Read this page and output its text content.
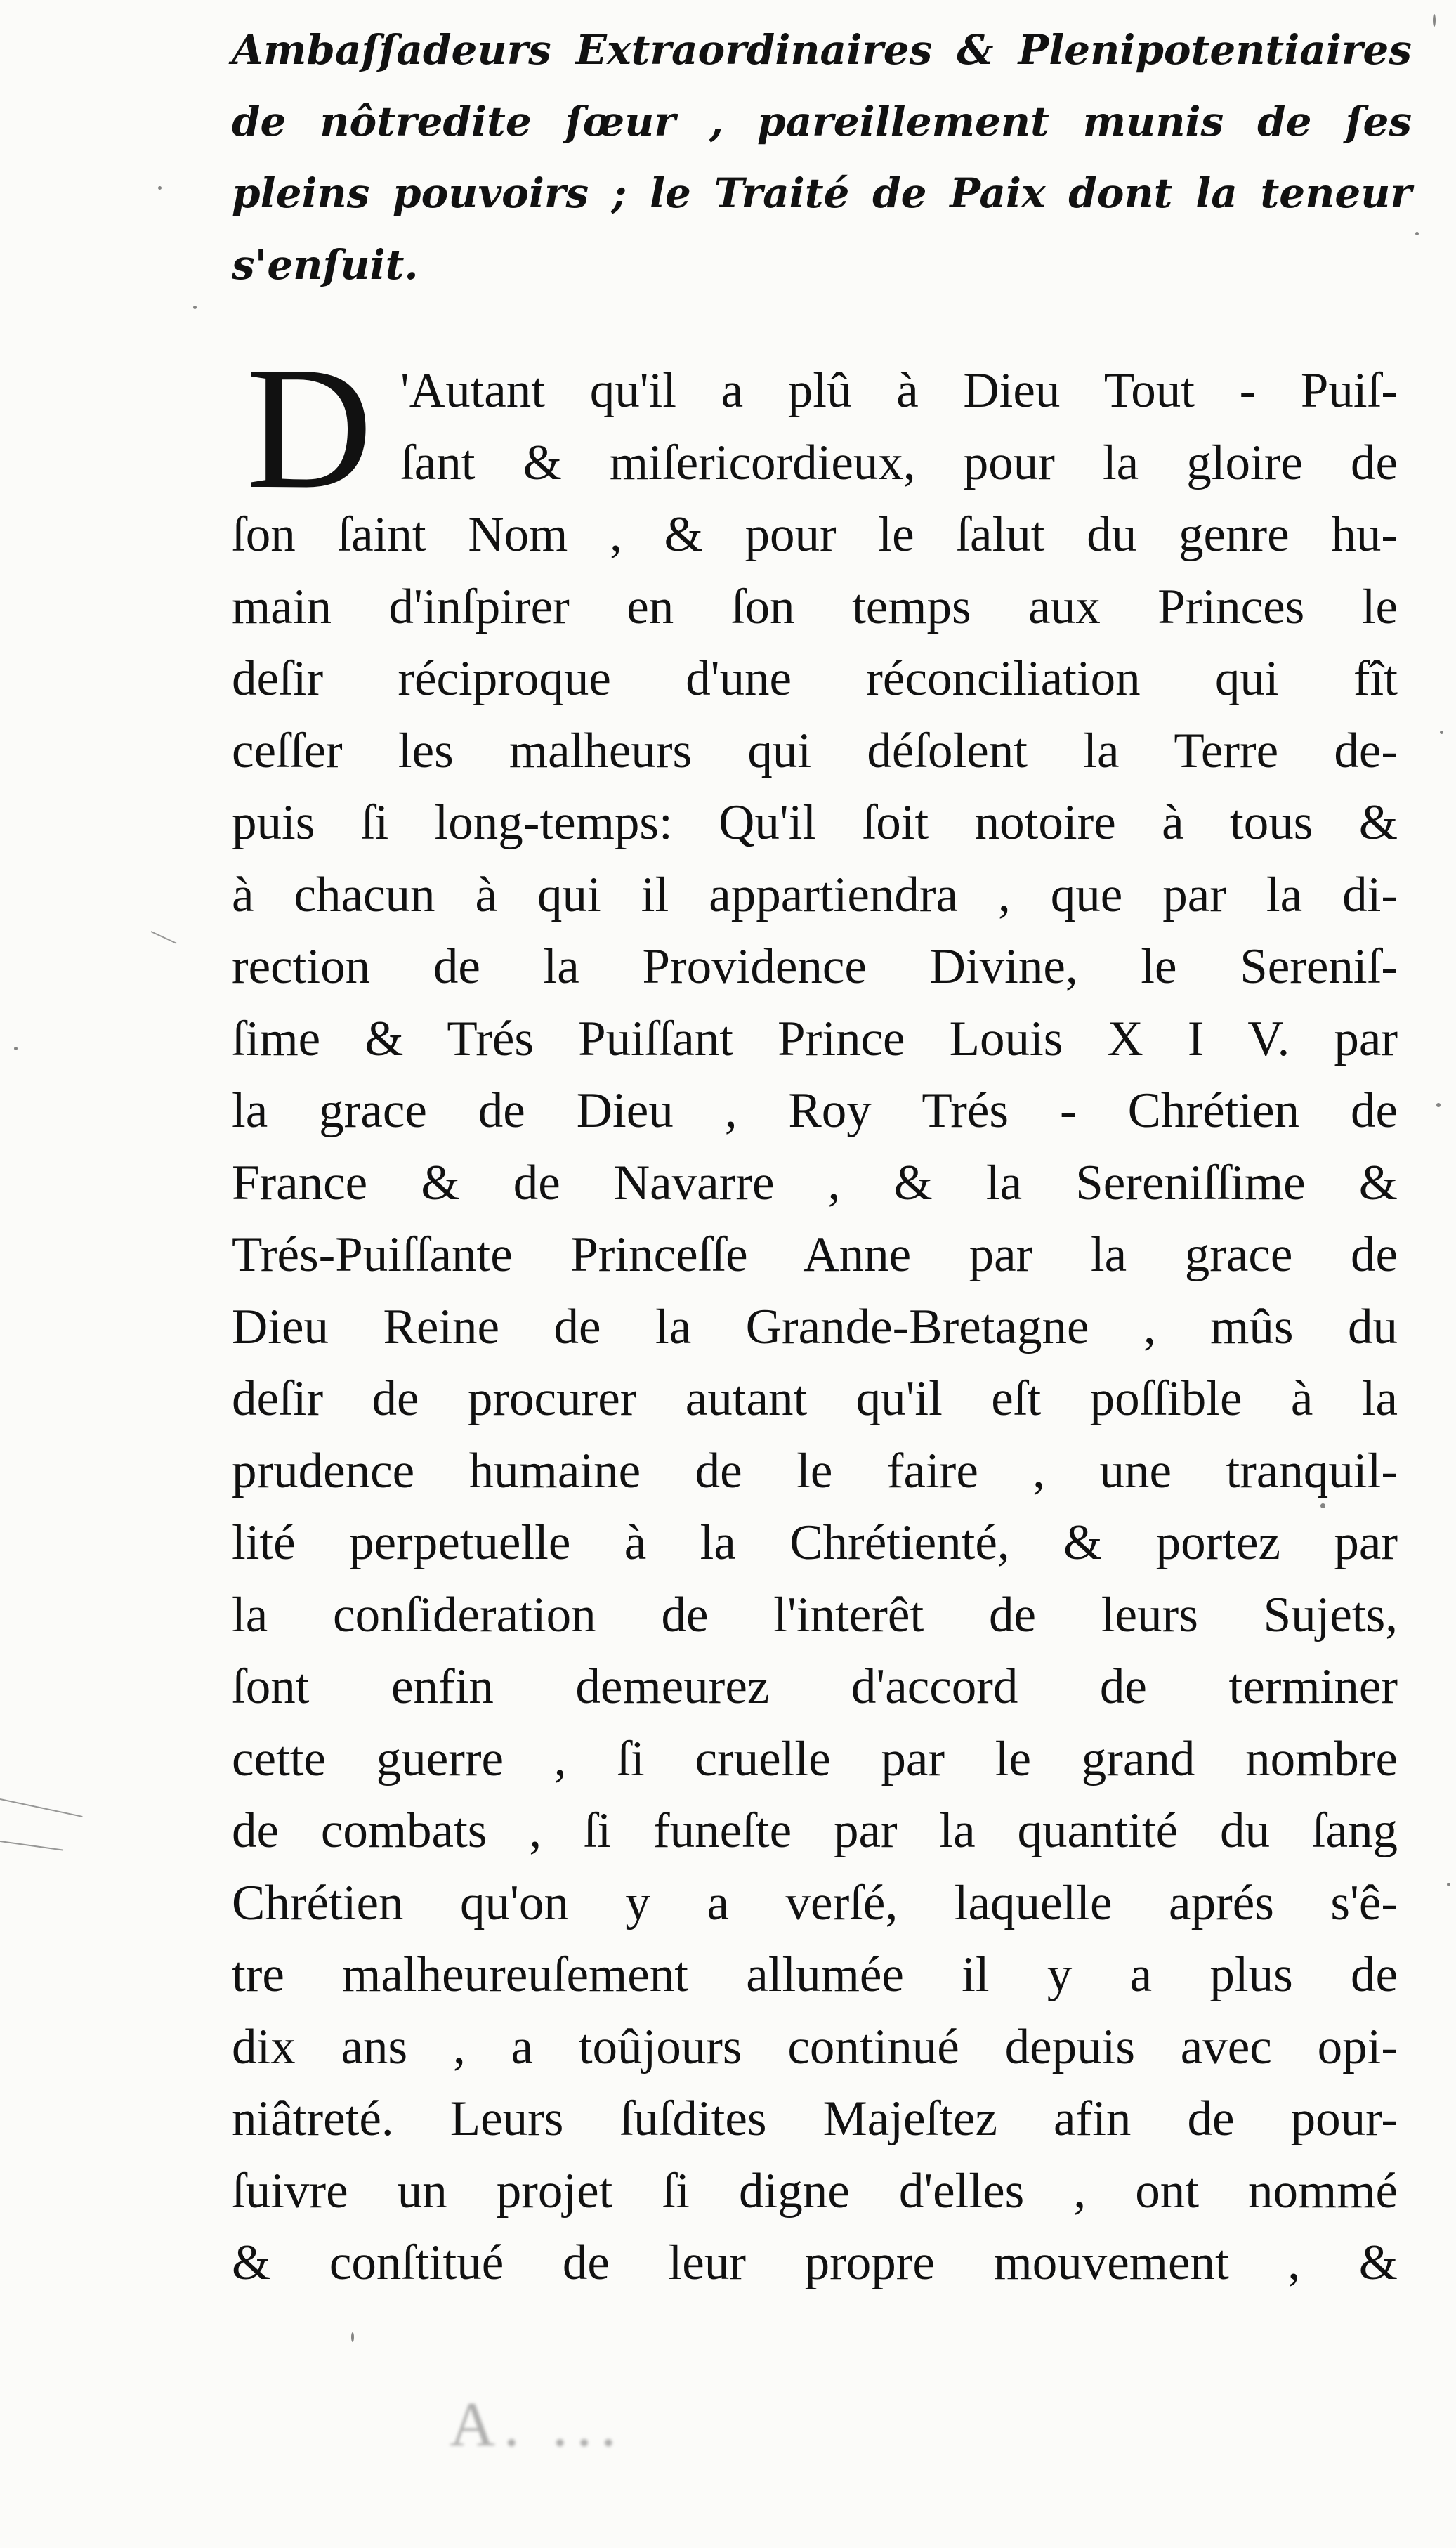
Ambaſſadeurs Extraordinaires & Plenipotentiaires
de nôtredite ſœur , pareillement munis de ſes
pleins pouvoirs ; le Traité de Paix dont la teneur
s'enſuit.
D 'Autant qu'il a plû à Dieu Tout - Puiſ-
ſant & miſericordieux, pour la gloire de
ſon ſaint Nom , & pour le ſalut du genre hu-
main d'inſpirer en ſon temps aux Princes le
deſir réciproque d'une réconciliation qui fît
ceſſer les malheurs qui déſolent la Terre de-
puis ſi long-temps: Qu'il ſoit notoire à tous &
à chacun à qui il appartiendra , que par la di-
rection de la Providence Divine, le Sereniſ-
ſime & Trés Puiſſant Prince Louis X I V. par
la grace de Dieu , Roy Trés - Chrétien de
France & de Navarre , & la Sereniſſime &
Trés-Puiſſante Princeſſe Anne par la grace de
Dieu Reine de la Grande-Bretagne , mûs du
deſir de procurer autant qu'il eſt poſſible à la
prudence humaine de le faire , une tranquil-
lité perpetuelle à la Chrétienté, & portez par
la conſideration de l'interêt de leurs Sujets,
ſont enfin demeurez d'accord de terminer
cette guerre , ſi cruelle par le grand nombre
de combats , ſi funeſte par la quantité du ſang
Chrétien qu'on y a verſé, laquelle aprés s'ê-
tre malheureuſement allumée il y a plus de
dix ans , a toûjours continué depuis avec opi-
niâtreté. Leurs ſuſdites Majeſtez afin de pour-
ſuivre un projet ſi digne d'elles , ont nommé
& conſtitué de leur propre mouvement , &
A. ...
